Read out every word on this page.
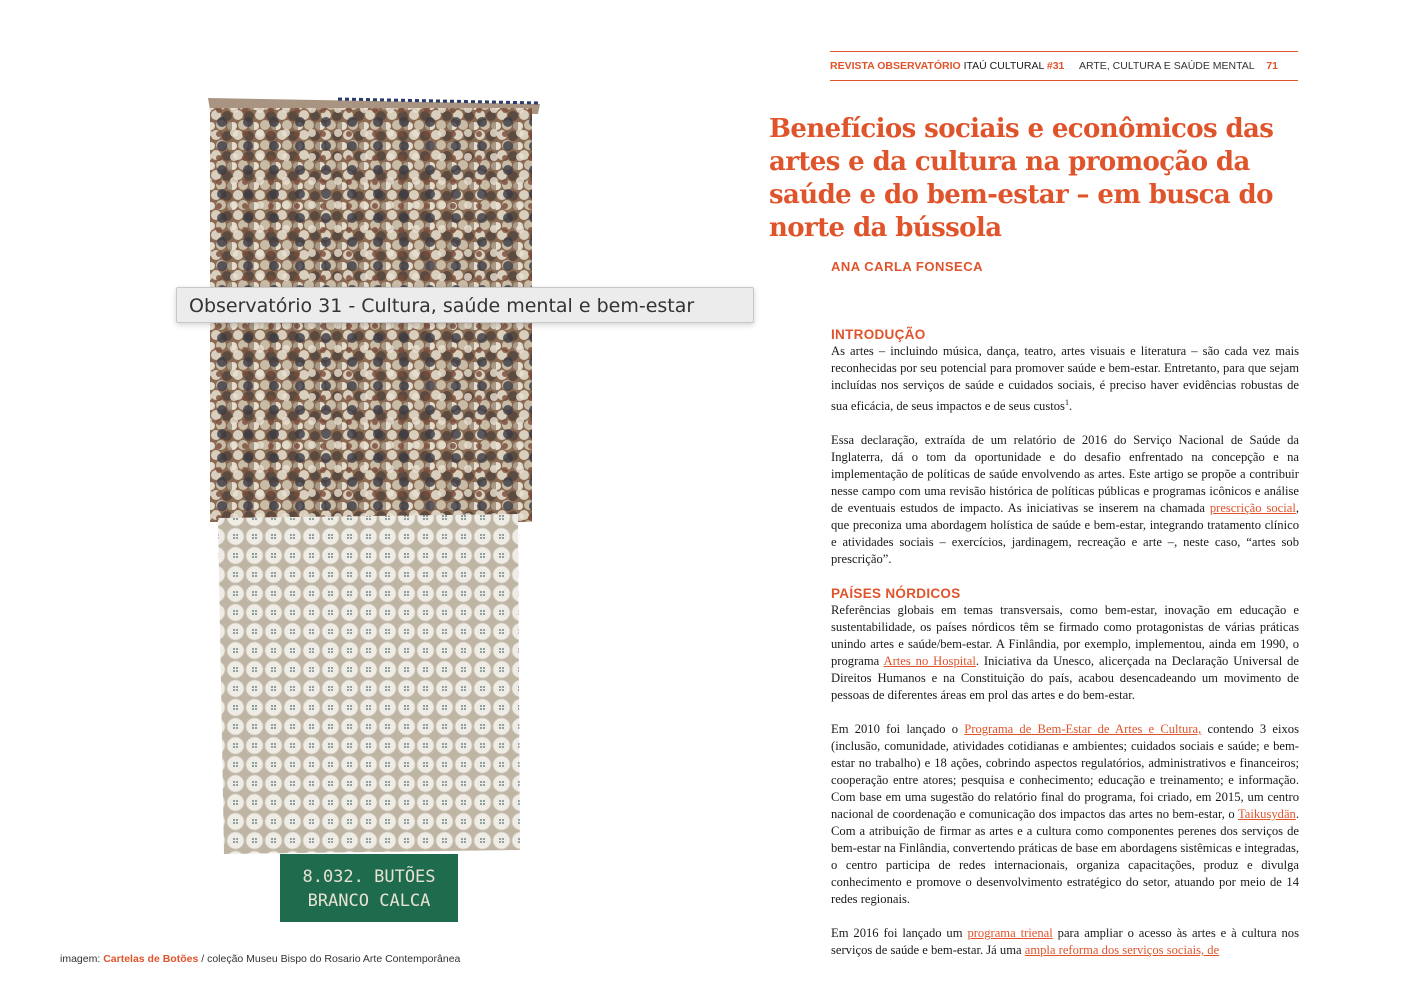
8.032. BUTÕES
BRANCO CALCA
Observatório 31 - Cultura, saúde mental e bem-estar
imagem: Cartelas de Botões / coleção Museu Bispo do Rosario Arte Contemporânea
REVISTA OBSERVATÓRIO ITAÚ CULTURAL #31 ARTE, CULTURA E SAÚDE MENTAL 71
Benefícios sociais e econômicos das artes e da cultura na promoção da saúde e do bem-estar – em busca do norte da bússola
ANA CARLA FONSECA
INTRODUÇÃO

As artes – incluindo música, dança, teatro, artes visuais e literatura – são cada vez mais reconhecidas por seu potencial para promover saúde e bem-estar. Entretanto, para que sejam incluídas nos serviços de saúde e cuidados sociais, é preciso haver evidências robustas de sua eficácia, de seus impactos e de seus custos$^1$.

Essa declaração, extraída de um relatório de 2016 do Serviço Nacional de Saúde da Inglaterra, dá o tom da oportunidade e do desafio enfrentado na concepção e na implementação de políticas de saúde envolvendo as artes. Este artigo se propõe a contribuir nesse campo com uma revisão histórica de políticas públicas e programas icônicos e análise de eventuais estudos de impacto. As iniciativas se inserem na chamada prescrição social, que preconiza uma abordagem holística de saúde e bem-estar, integrando tratamento clínico e atividades sociais – exercícios, jardinagem, recreação e arte –, neste caso, “artes sob prescrição”.

PAÍSES NÓRDICOS

Referências globais em temas transversais, como bem-estar, inovação em educação e sustentabilidade, os países nórdicos têm se firmado como protagonistas de várias práticas unindo artes e saúde/bem-estar. A Finlândia, por exemplo, implementou, ainda em 1990, o programa Artes no Hospital. Iniciativa da Unesco, alicerçada na Declaração Universal de Direitos Humanos e na Constituição do país, acabou desencadeando um movimento de pessoas de diferentes áreas em prol das artes e do bem-estar.

Em 2010 foi lançado o Programa de Bem-Estar de Artes e Cultura, contendo 3 eixos (inclusão, comunidade, atividades cotidianas e ambientes; cuidados sociais e saúde; e bem-estar no trabalho) e 18 ações, cobrindo aspectos regulatórios, administrativos e financeiros; cooperação entre atores; pesquisa e conhecimento; educação e treinamento; e informação. Com base em uma sugestão do relatório final do programa, foi criado, em 2015, um centro nacional de coordenação e comunicação dos impactos das artes no bem-estar, o Taikusydän. Com a atribuição de firmar as artes e a cultura como componentes perenes dos serviços de bem-estar na Finlândia, convertendo práticas de base em abordagens sistêmicas e integradas, o centro participa de redes internacionais, organiza capacitações, produz e divulga conhecimento e promove o desenvolvimento estratégico do setor, atuando por meio de 14 redes regionais.

Em 2016 foi lançado um programa trienal para ampliar o acesso às artes e à cultura nos serviços de saúde e bem-estar. Já uma ampla reforma dos serviços sociais, de
